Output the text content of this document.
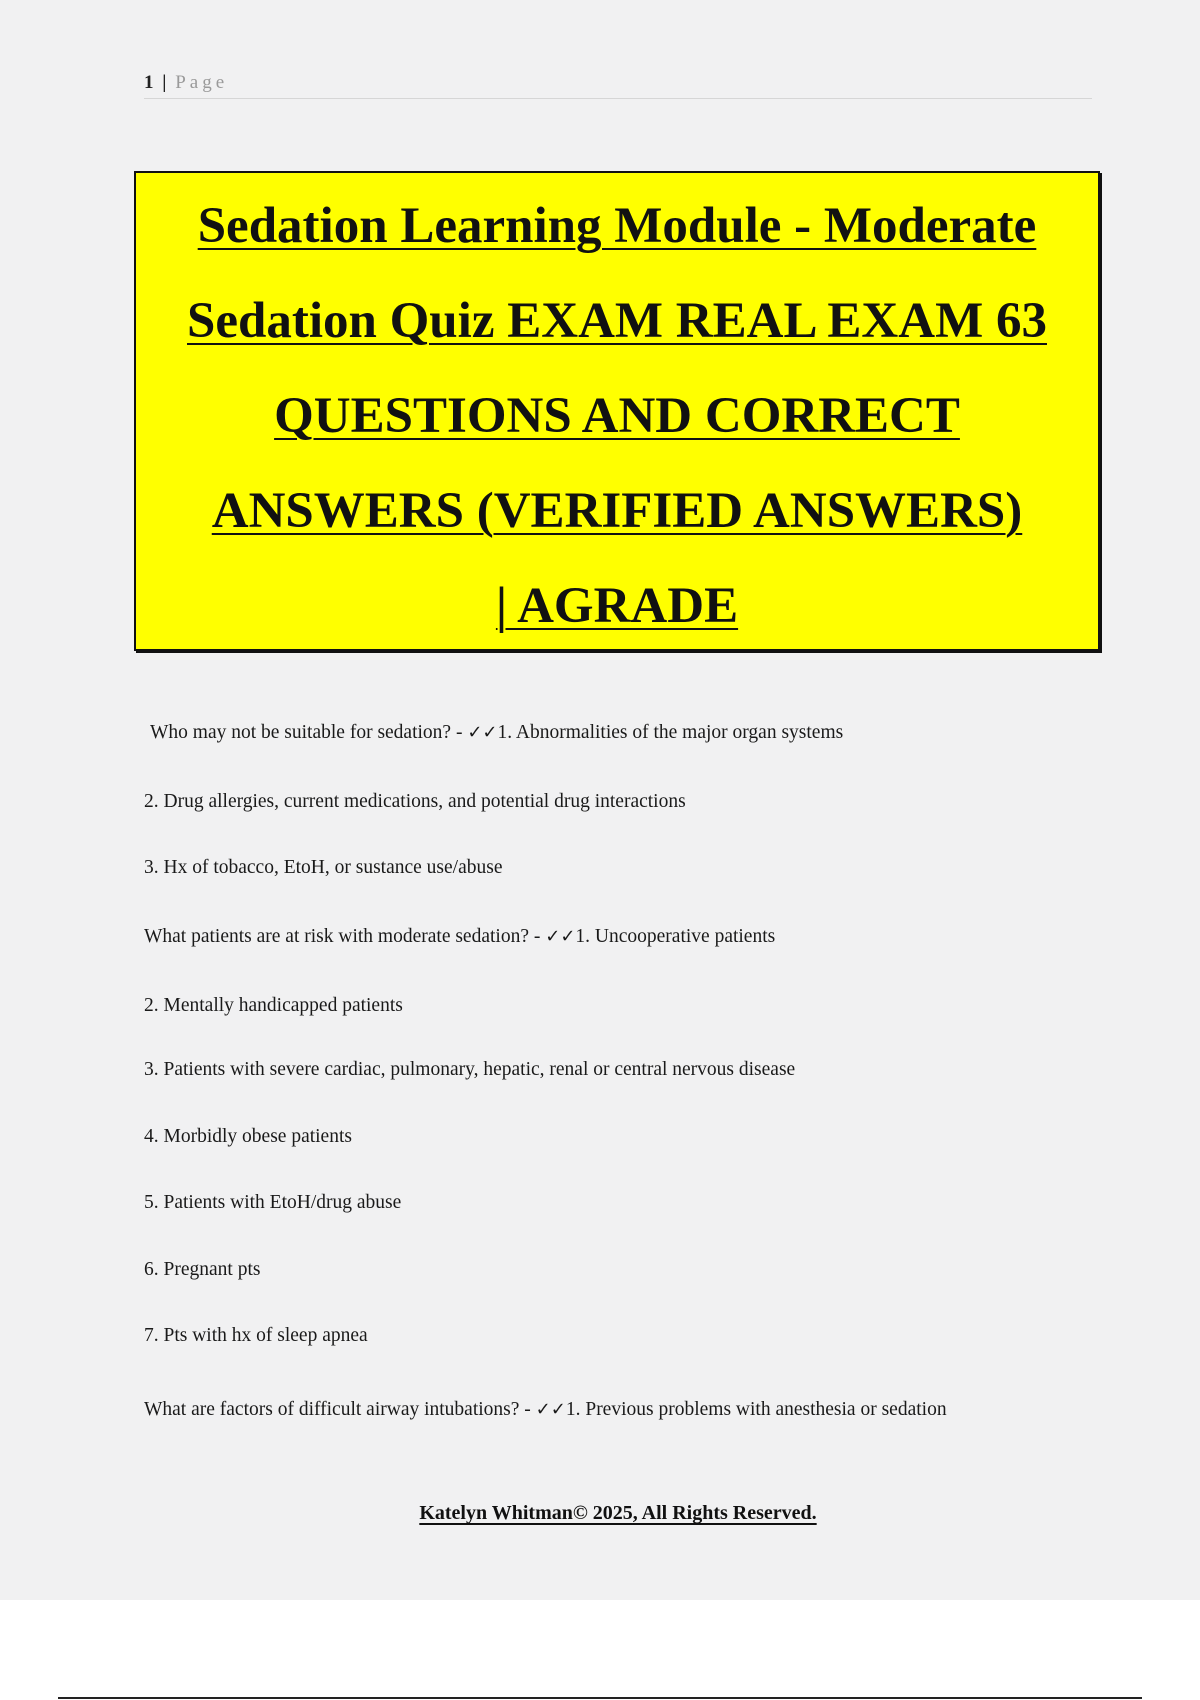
1 | Page
Sedation Learning Module - Moderate
Sedation Quiz EXAM REAL EXAM 63
QUESTIONS AND CORRECT
ANSWERS (VERIFIED ANSWERS)
| AGRADE
Who may not be suitable for sedation? - ✓✓1. Abnormalities of the major organ systems
2. Drug allergies, current medications, and potential drug interactions
3. Hx of tobacco, EtoH, or sustance use/abuse
What patients are at risk with moderate sedation? - ✓✓1. Uncooperative patients
2. Mentally handicapped patients
3. Patients with severe cardiac, pulmonary, hepatic, renal or central nervous disease
4. Morbidly obese patients
5. Patients with EtoH/drug abuse
6. Pregnant pts
7. Pts with hx of sleep apnea
What are factors of difficult airway intubations? - ✓✓1. Previous problems with anesthesia or sedation
Katelyn Whitman© 2025, All Rights Reserved.
